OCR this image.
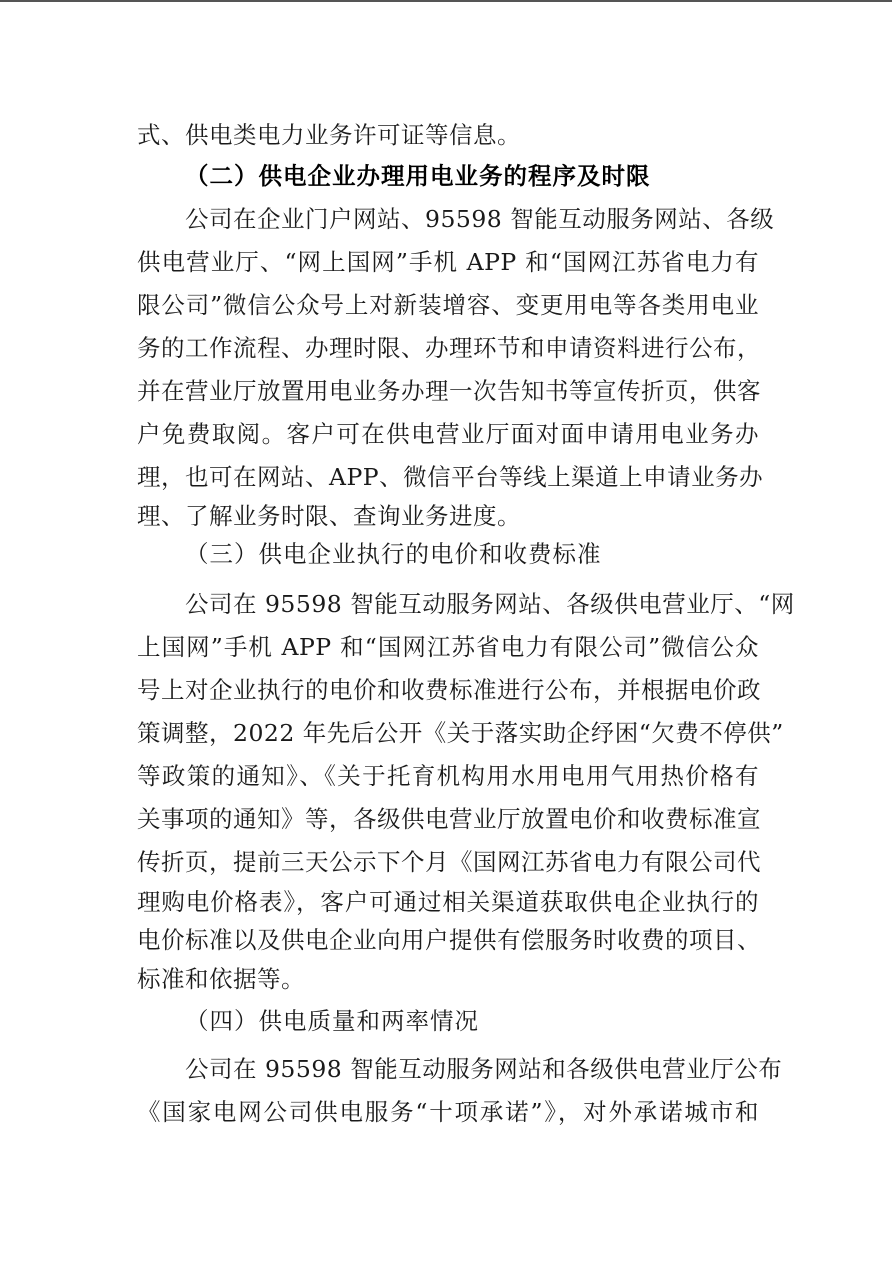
式、供电类电力业务许可证等信息。
（二）供电企业办理用电业务的程序及时限
公司在企业门户网站、95598 智能互动服务网站、各级
供电营业厅、“网上国网”手机 APP 和“国网江苏省电力有
限公司”微信公众号上对新装增容、变更用电等各类用电业
务的工作流程、办理时限、办理环节和申请资料进行公布，
并在营业厅放置用电业务办理一次告知书等宣传折页，供客
户免费取阅。客户可在供电营业厅面对面申请用电业务办
理，也可在网站、APP、微信平台等线上渠道上申请业务办
理、了解业务时限、查询业务进度。
（三）供电企业执行的电价和收费标准
公司在 95598 智能互动服务网站、各级供电营业厅、“网
上国网”手机 APP 和“国网江苏省电力有限公司”微信公众
号上对企业执行的电价和收费标准进行公布，并根据电价政
策调整，2022 年先后公开《关于落实助企纾困“欠费不停供”
等政策的通知》、《关于托育机构用水用电用气用热价格有
关事项的通知》等，各级供电营业厅放置电价和收费标准宣
传折页，提前三天公示下个月《国网江苏省电力有限公司代
理购电价格表》，客户可通过相关渠道获取供电企业执行的
电价标准以及供电企业向用户提供有偿服务时收费的项目、
标准和依据等。
（四）供电质量和两率情况
公司在 95598 智能互动服务网站和各级供电营业厅公布
《国家电网公司供电服务“十项承诺”》，对外承诺城市和
